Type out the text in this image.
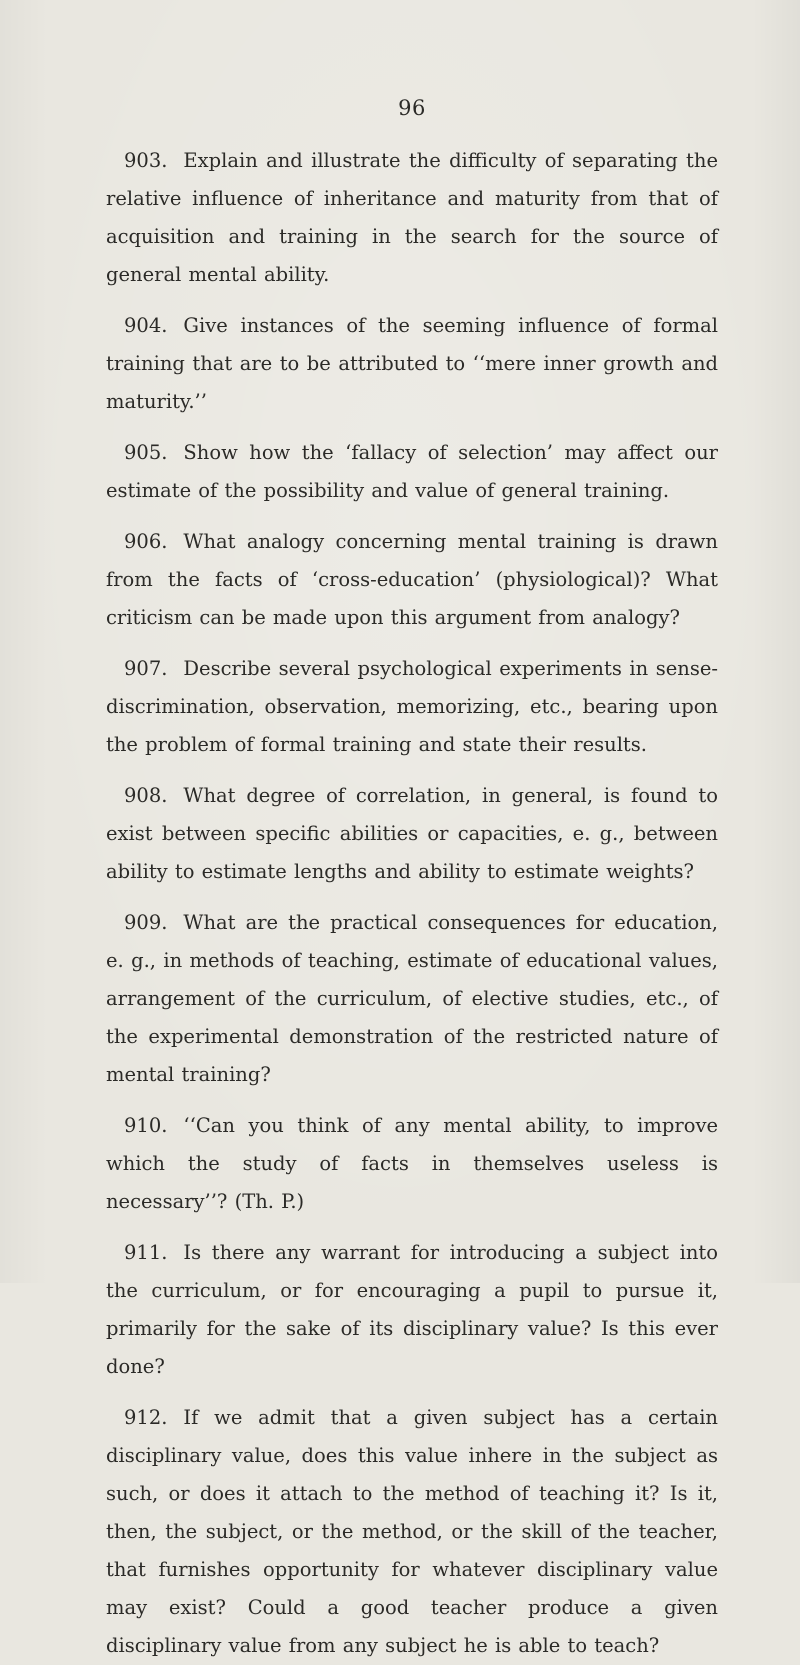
96

903. Explain and illustrate the difficulty of separating the relative influence of inheritance and maturity from that of acquisition and training in the search for the source of general mental ability.

904. Give instances of the seeming influence of formal training that are to be attributed to ‘‘mere inner growth and maturity.’’

905. Show how the ‘fallacy of selection’ may affect our estimate of the possibility and value of general training.

906. What analogy concerning mental training is drawn from the facts of ‘cross-education’ (physiological)? What criticism can be made upon this argument from analogy?

907. Describe several psychological experiments in sense-discrimination, observation, memorizing, etc., bearing upon the problem of formal training and state their results.

908. What degree of correlation, in general, is found to exist between specific abilities or capacities, e. g., between ability to estimate lengths and ability to estimate weights?

909. What are the practical consequences for education, e. g., in methods of teaching, estimate of educational values, arrangement of the curriculum, of elective studies, etc., of the experimental demonstration of the restricted nature of mental training?

910. ‘‘Can you think of any mental ability, to improve which the study of facts in themselves useless is necessary’’? (Th. P.)

911. Is there any warrant for introducing a subject into the curriculum, or for encouraging a pupil to pursue it, primarily for the sake of its disciplinary value? Is this ever done?

912. If we admit that a given subject has a certain disciplinary value, does this value inhere in the subject as such, or does it attach to the method of teaching it? Is it, then, the subject, or the method, or the skill of the teacher, that furnishes opportunity for whatever disciplinary value may exist? Could a good teacher produce a given disciplinary value from any subject he is able to teach?
